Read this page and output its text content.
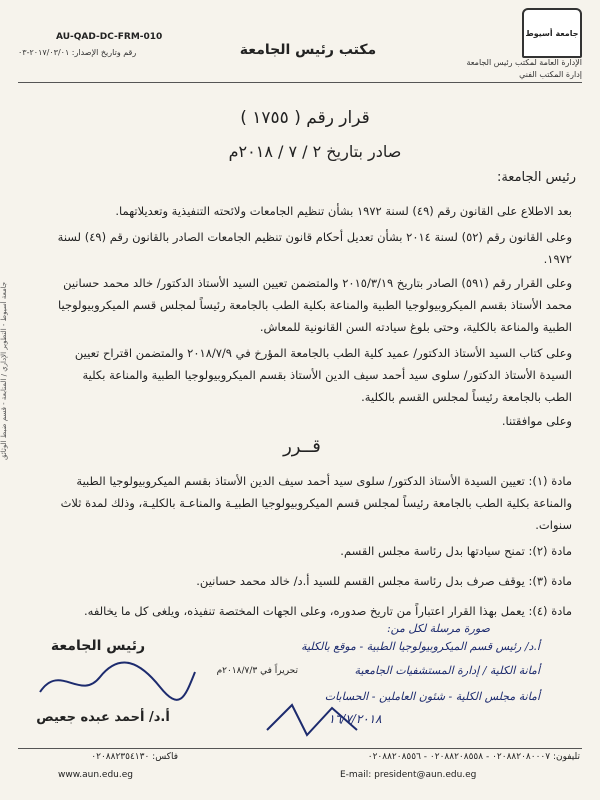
جامعة أسيوط
الإدارة العامة لمكتب رئيس الجامعة
إدارة المكتب الفني
مكتب رئيس الجامعة
AU-QAD-DC-FRM-010
رقم وتاريخ الإصدار: ٢٠١٧/٠٣/٠١-٠٣
قرار رقم ( ١٧٥٥ )
صادر بتاريخ ٢ / ٧ / ٢٠١٨م
رئيس الجامعة:
بعد الاطلاع على القانون رقم (٤٩) لسنة ١٩٧٢ بشأن تنظيم الجامعات ولائحته التنفيذية وتعديلاتهما.
وعلى القانون رقم (٥٢) لسنة ٢٠١٤ بشأن تعديل أحكام قانون تنظيم الجامعات الصادر بالقانون رقم (٤٩) لسنة ١٩٧٢.
وعلى القرار رقم (٥٩١) الصادر بتاريخ ٢٠١٥/٣/١٩ والمتضمن تعيين السيد الأستاذ الدكتور/ خالد محمد حسانين محمد الأستاذ بقسم الميكروبيولوجيا الطبية والمناعة بكلية الطب بالجامعة رئيساً لمجلس قسم الميكروبيولوجيا الطبية والمناعة بالكلية، وحتى بلوغ سيادته السن القانونية للمعاش.
وعلى كتاب السيد الأستاذ الدكتور/ عميد كلية الطب بالجامعة المؤرخ في ٢٠١٨/٧/٩ والمتضمن اقتراح تعيين السيدة الأستاذ الدكتور/ سلوى سيد أحمد سيف الدين الأستاذ بقسم الميكروبيولوجيا الطبية والمناعة بكلية الطب بالجامعة رئيساً لمجلس القسم بالكلية.
وعلى موافقتنا.
قــرر
مادة (١): تعيين السيدة الأستاذ الدكتور/ سلوى سيد أحمد سيف الدين الأستاذ بقسم الميكروبيولوجيا الطبية والمناعة بكلية الطب بالجامعة رئيساً لمجلس قسم الميكروبيولوجيا الطبيـة والمناعـة بالكليـة، وذلك لمدة ثلاث سنوات.
مادة (٢): تمنح سيادتها بدل رئاسة مجلس القسم.
مادة (٣): يوقف صرف بدل رئاسة مجلس القسم للسيد أ.د/ خالد محمد حسانين.
مادة (٤): يعمل بهذا القرار اعتباراً من تاريخ صدوره، وعلى الجهات المختصة تنفيذه، ويلغى كل ما يخالفه.
صورة مرسلة لكل من:
أ.د/ رئيس قسم الميكروبيولوجيا الطبية - موقع بالكلية
أمانة الكلية / إدارة المستشفيات الجامعية
أمانة مجلس الكلية - شئون العاملين - الحسابات
تحريراً في ٢٠١٨/٧/٣م
رئيس الجامعة
أ.د/ أحمد عبده جعيص	١٦/٧/٢٠١٨
جامعة أسيوط - التطوير الإداري / المتابعة - قسم ضبط الوثائق
تليفون: ٠٢٠٨٨٢٠٨٠٠٠٧ - ٠٢٠٨٨٢٠٨٥٥٨ - ٠٢٠٨٨٢٠٨٥٥٦
فاكس: ٠٢٠٨٨٢٣٥٤١٣٠
E-mail: president@aun.edu.eg
www.aun.edu.eg
